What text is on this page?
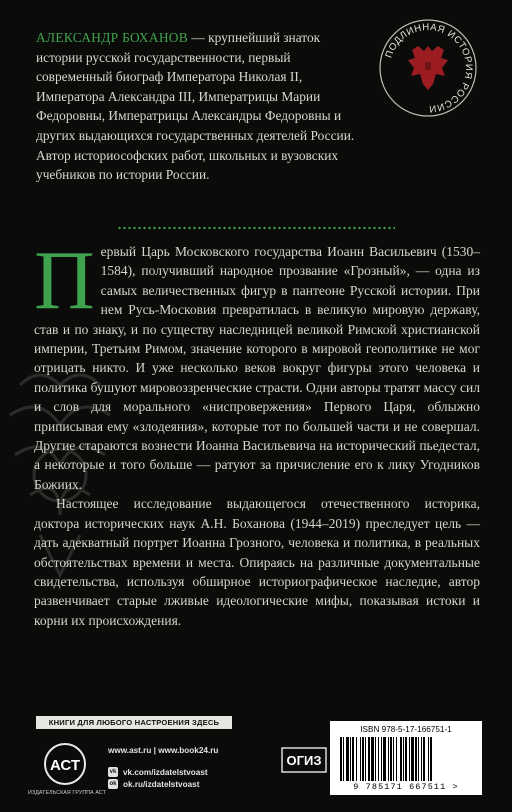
АЛЕКСАНДР БОХАНОВ — крупнейший знаток истории русской государственности, первый современный биограф Императора Николая II, Императора Александра III, Императрицы Марии Федоровны, Императрицы Александры Федоровны и других выдающихся государственных деятелей России. Автор историософских работ, школьных и вузовских учебников по истории России.
ПОДЛИННАЯ ИСТОРИЯ РОССИИ

Первый Царь Московского государства Иоанн Васильевич (1530–1584), получивший народное прозвание «Грозный», — одна из самых величественных фигур в пантеоне Русской истории. При нем Русь-Московия превратилась в великую мировую державу, став и по знаку, и по существу наследницей великой Римской христианской империи, Третьим Римом, значение которого в мировой геополитике не мог отрицать никто. И уже несколько веков вокруг фигуры этого человека и политика бушуют мировоззренческие страсти. Одни авторы тратят массу сил и слов для морального «ниспровержения» Первого Царя, облыжно приписывая ему «злодеяния», которые тот по большей части и не совершал. Другие стараются вознести Иоанна Васильевича на исторический пьедестал, а некоторые и того больше — ратуют за причисление его к лику Угодников Божиих.

Настоящее исследование выдающегося отечественного историка, доктора исторических наук А.Н. Боханова (1944–2019) преследует цель — дать адекватный портрет Иоанна Грозного, человека и политика, в реальных обстоятельствах времени и места. Опираясь на различные документальные свидетельства, используя обширное историографическое наследие, автор развенчивает старые лживые идеологические мифы, показывая истоки и корни их происхождения.

КНИГИ ДЛЯ ЛЮБОГО НАСТРОЕНИЯ ЗДЕСЬ
АСТ
ИЗДАТЕЛЬСКАЯ ГРУППА АСТ
www.ast.ru | www.book24.ru
vk vk.com/izdatelstvoast
ok ok.ru/izdatelstvoast
ОГИЗ
ISBN 978-5-17-166751-1
9 785171 667511 >
